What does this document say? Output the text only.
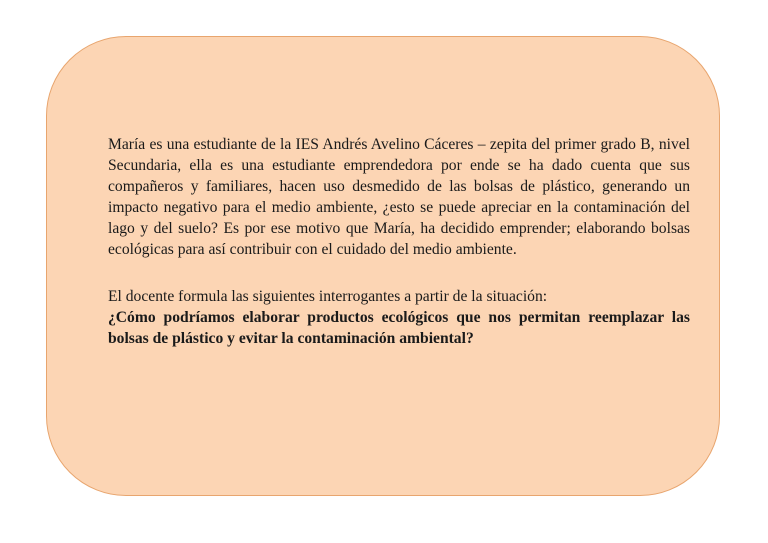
María es una estudiante de la IES Andrés Avelino Cáceres – zepita del primer grado B, nivel Secundaria, ella es una estudiante emprendedora por ende se ha dado cuenta que sus compañeros y familiares, hacen uso desmedido de las bolsas de plástico, generando un impacto negativo para el medio ambiente, ¿esto se puede apreciar en la contaminación del lago y del suelo? Es por ese motivo que María, ha decidido emprender; elaborando bolsas ecológicas para así contribuir con el cuidado del medio ambiente.

El docente formula las siguientes interrogantes a partir de la situación:

¿Cómo podríamos elaborar productos ecológicos que nos permitan reemplazar las bolsas de plástico y evitar la contaminación ambiental?
